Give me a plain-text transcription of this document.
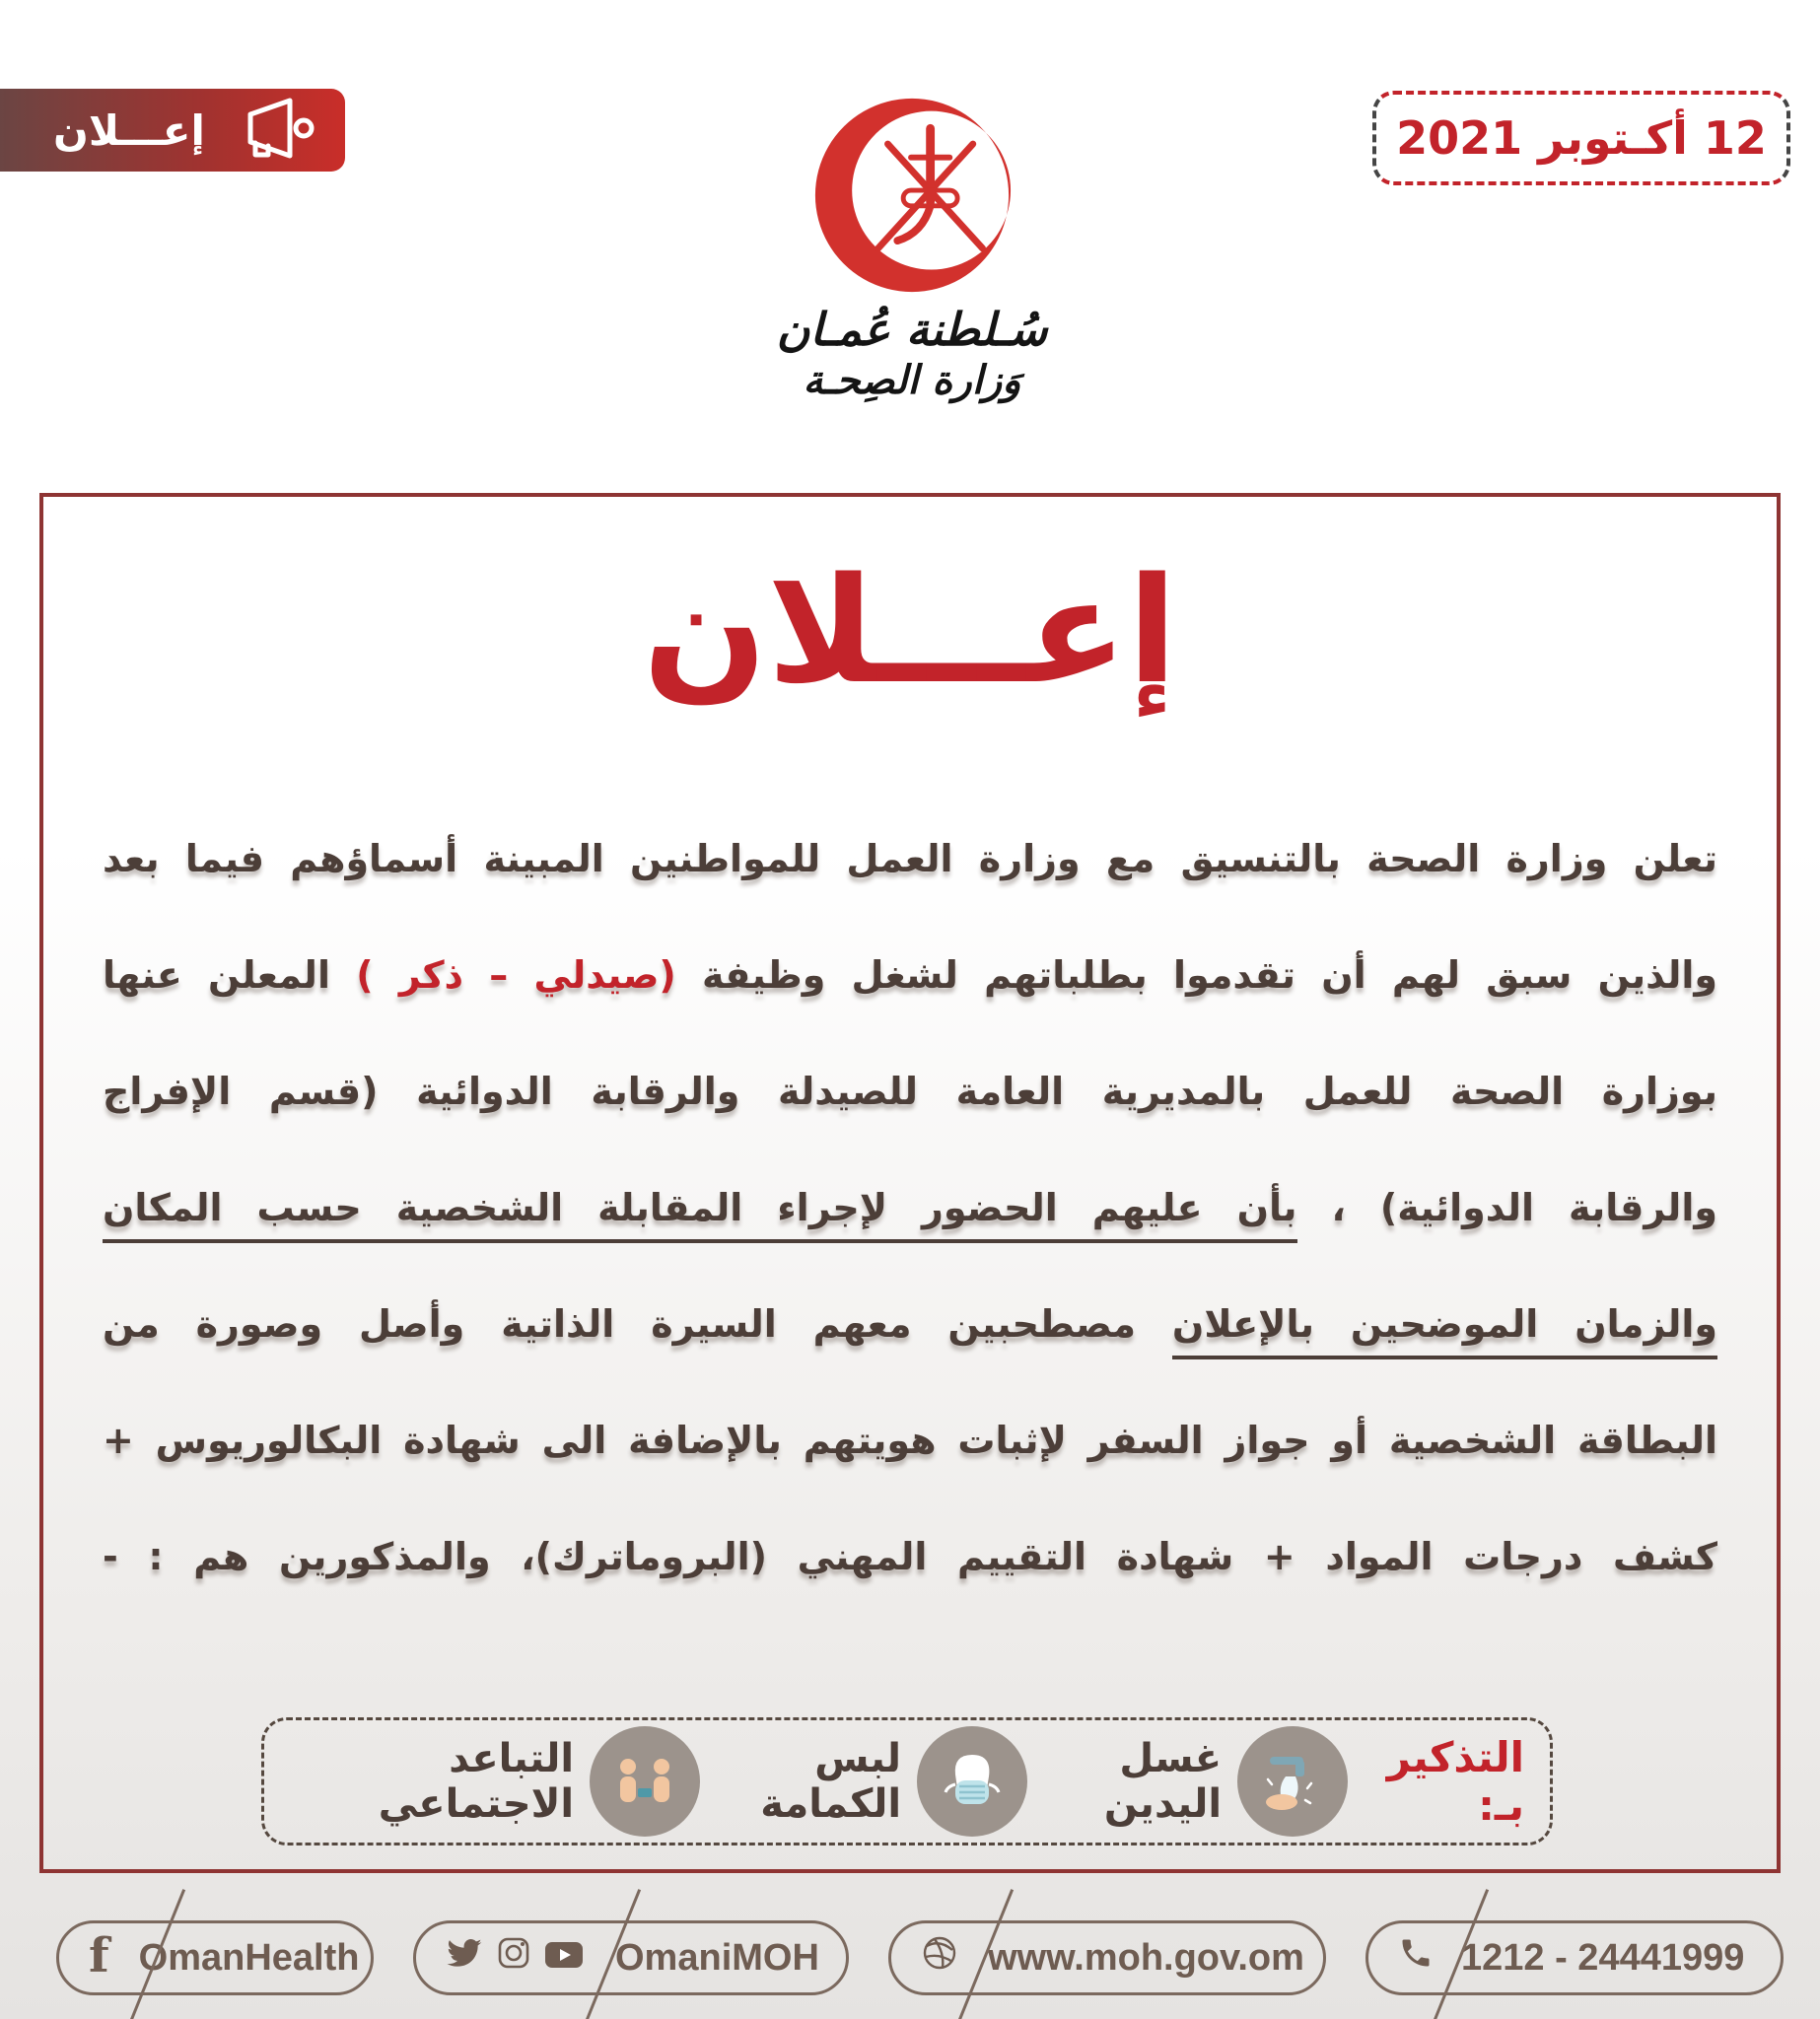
إعـــلان	12 أكـتوبر 2021
سُـلطنة عُمـان
وَزارة الصِحـة
إعـــلان
تعلن وزارة الصحة بالتنسيق مع وزارة العمل للمواطنين المبينة أسماؤهم فيما بعد
والذين سبق لهم أن تقدموا بطلباتهم لشغل وظيفة (صيدلي – ذكر ) المعلن عنها
بوزارة الصحة للعمل بالمديرية العامة للصيدلة والرقابة الدوائية (قسم الإفراج
والرقابة الدوائية) ، بأن عليهم الحضور لإجراء المقابلة الشخصية حسب المكان
والزمان الموضحين بالإعلان مصطحبين معهم السيرة الذاتية وأصل وصورة من
البطاقة الشخصية أو جواز السفر لإثبات هويتهم بالإضافة الى شهادة البكالوريوس +
كشف درجات المواد + شهادة التقييم المهني (البروماترك)، والمذكورين هم : -
التذكير بـ:
غسل اليدين
لبس الكمامة
التباعد الاجتماعي
f OmanHealth	OmaniMOH	www.moh.gov.om	1212 - 24441999
